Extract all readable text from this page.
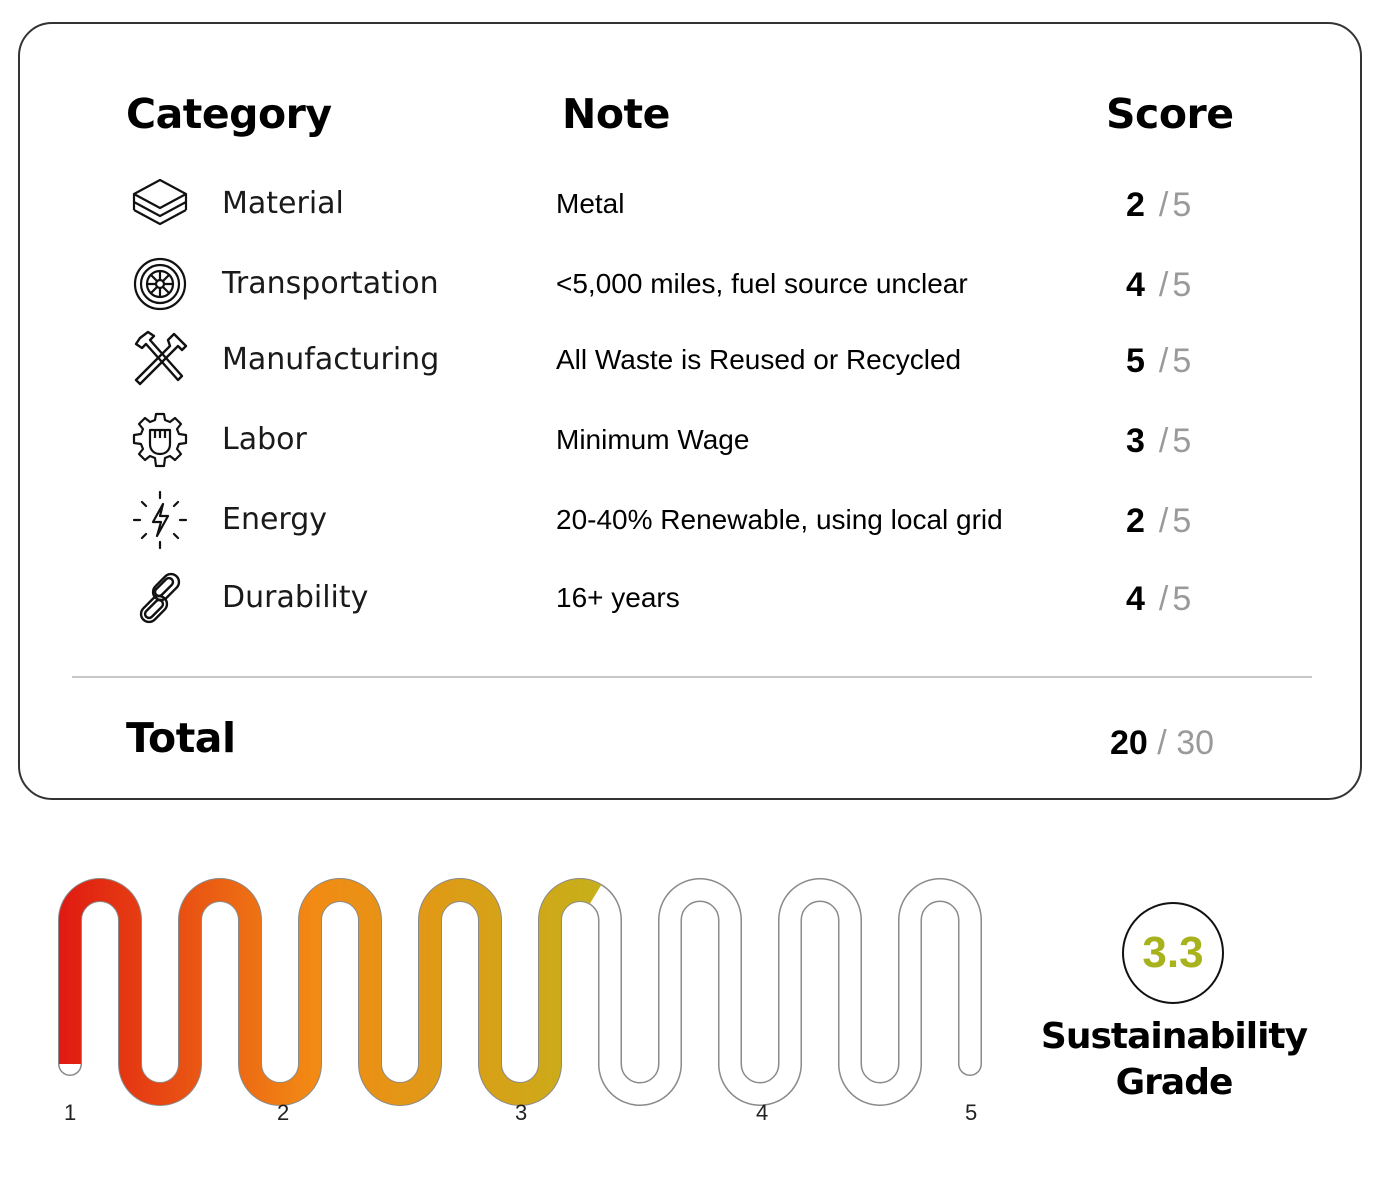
Category	Note	Score
Material	Metal	2 / 5
Transportation	<5,000 miles, fuel source unclear	4 / 5
Manufacturing	All Waste is Reused or Recycled	5 / 5
Labor	Minimum Wage	3 / 5
Energy	20-40% Renewable, using local grid	2 / 5
Durability	16+ years	4 / 5
Total	20 / 30
1	2	3	4	5
3.3
Sustainability
Grade
